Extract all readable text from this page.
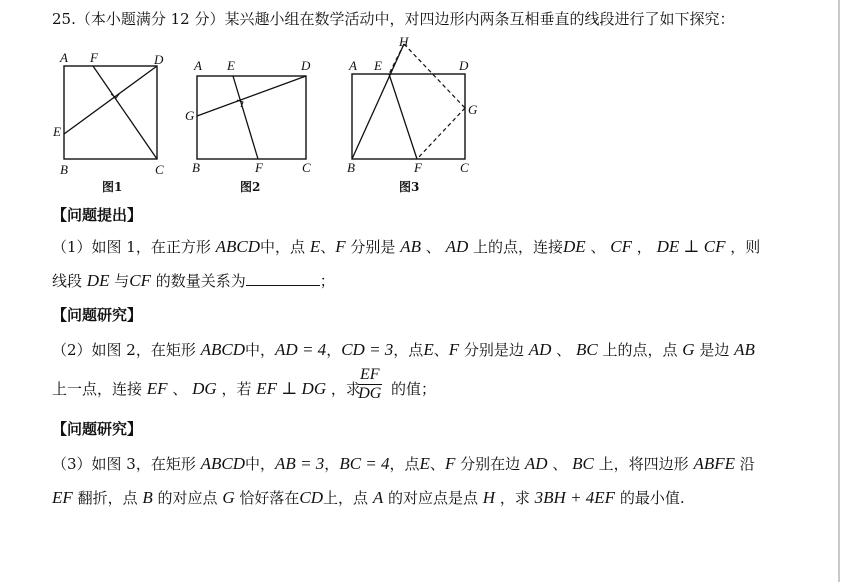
25.（本小题满分 12 分）某兴趣小组在数学活动中，对四边形内两条互相垂直的线段进行了如下探究：
A F	D
E
B	C
图1
A E	D
G
B	F	C
图2
H
A E	D
G
B	F	C
图3
【问题提出】
（1）如图 1，在正方形 ABCD中，点 E、F 分别是 AB 、 AD 上的点，连接DE 、 CF ， DE ⊥ CF ，则
线段 DE 与CF 的数量关系为	；
【问题研究】
（2）如图 2，在矩形 ABCD中，AD = 4，CD = 3，点E、F 分别是边 AD 、 BC 上的点，点 G 是边 AB
上一点，连接 EF 、 DG ，若 EF ⊥ DG ，求
$\frac{EF}{DG}$ 的值；
【问题研究】
（3）如图 3，在矩形 ABCD中，AB = 3，BC = 4，点E、F 分别在边 AD 、 BC 上，将四边形 ABFE 沿
EF 翻折，点 B 的对应点 G 恰好落在CD上，点 A 的对应点是点 H ，求 3BH + 4EF 的最小值.
